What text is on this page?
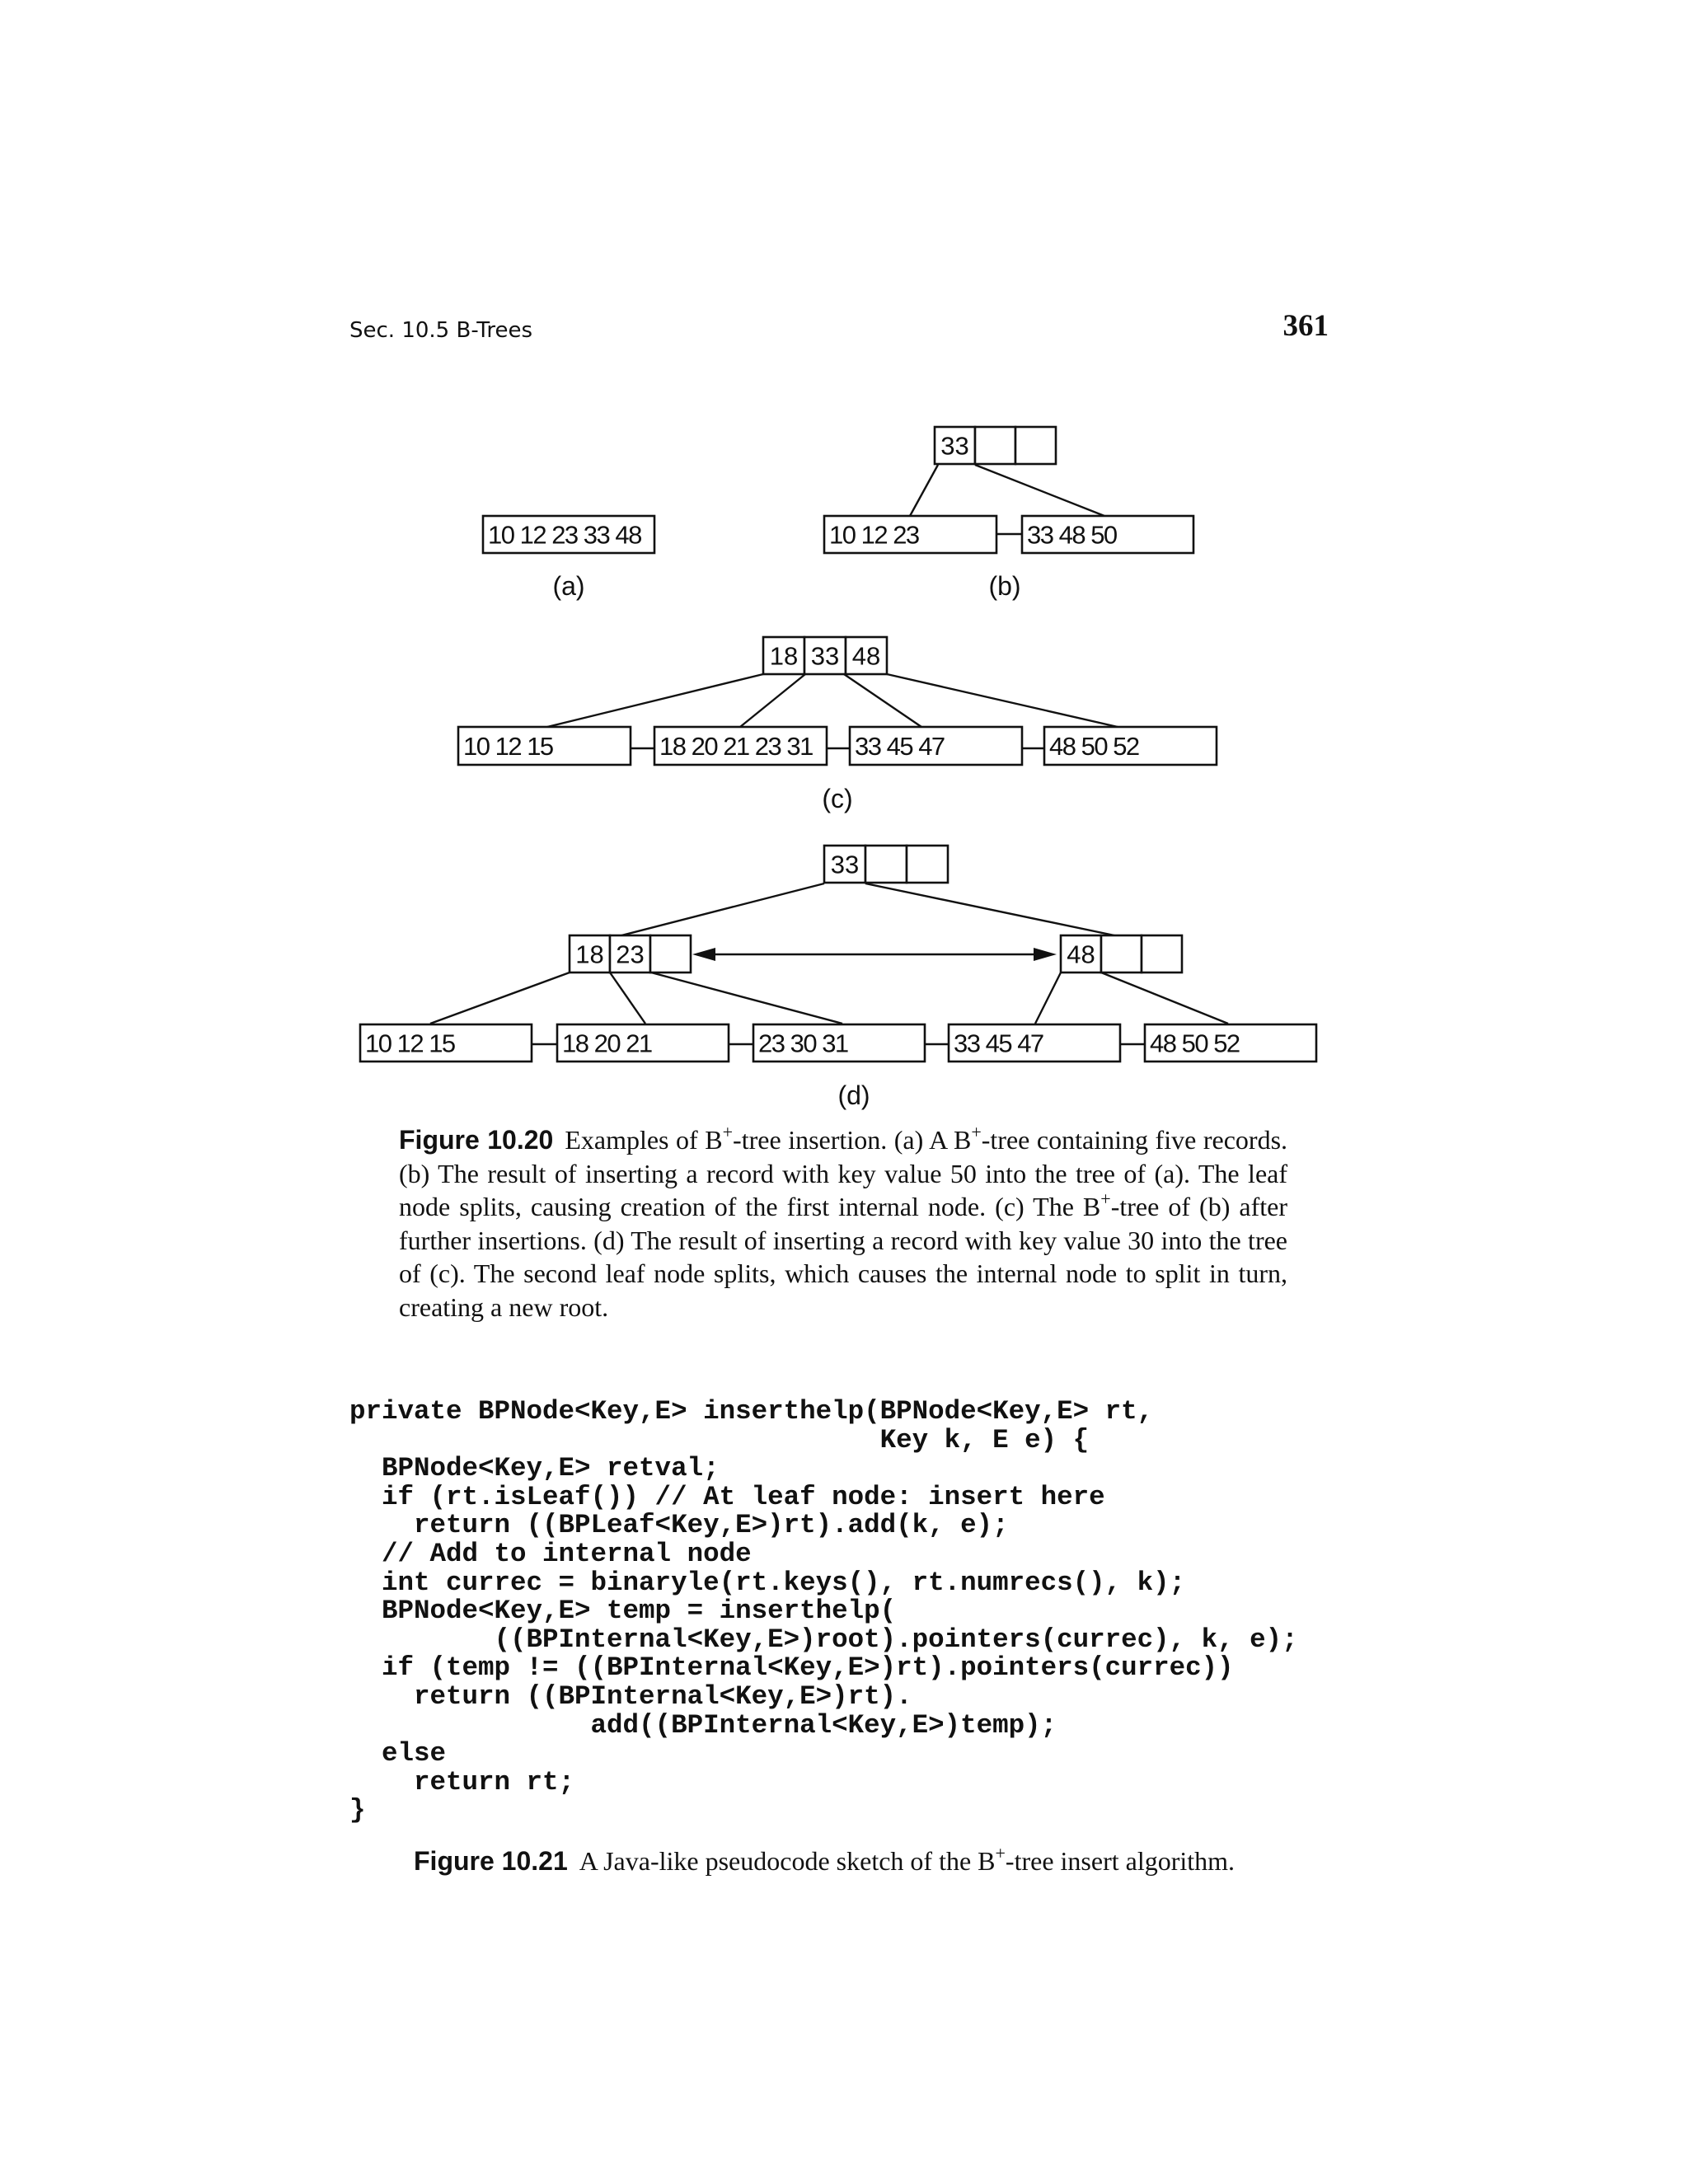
Sec. 10.5 B-Trees	361
10 12 23 33 48
33
10 12 23	33 48 50
18 33 48
10 12 15	18 20 21 23 31 33 45 47	48 50 52
33
18 23	48
10 12 15	18 20 21	23 30 31	33 45 47	48 50 52
(a)	(b)
(c)
(d)
Figure 10.20 Examples of B+-tree insertion. (a) A B+-tree containing five records. (b) The result of inserting a record with key value 50 into the tree of (a). The leaf node splits, causing creation of the first internal node. (c) The B+-tree of (b) after further insertions. (d) The result of inserting a record with key value 30 into the tree of (c). The second leaf node splits, which causes the internal node to split in turn, creating a new root.
private BPNode<Key,E> inserthelp(BPNode<Key,E> rt,
Key k, E e) {
BPNode<Key,E> retval;
if (rt.isLeaf()) // At leaf node: insert here
return ((BPLeaf<Key,E>)rt).add(k, e);
// Add to internal node
int currec = binaryle(rt.keys(), rt.numrecs(), k);
BPNode<Key,E> temp = inserthelp(
((BPInternal<Key,E>)root).pointers(currec), k, e);
if (temp != ((BPInternal<Key,E>)rt).pointers(currec))
return ((BPInternal<Key,E>)rt).
add((BPInternal<Key,E>)temp);
else
return rt;
}
Figure 10.21 A Java-like pseudocode sketch of the B+-tree insert algorithm.
